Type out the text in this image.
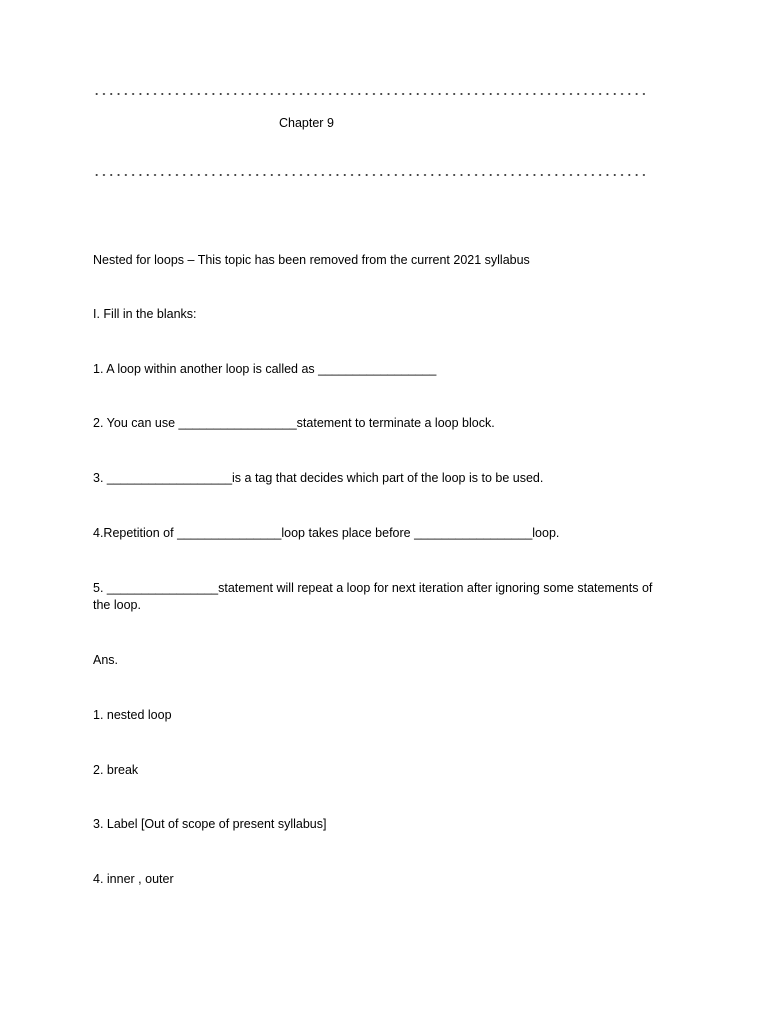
Chapter 9
Nested for loops – This topic has been removed from the current 2021 syllabus
I. Fill in the blanks:
1. A loop within another loop is called as _________________
2. You can use _________________statement to terminate a loop block.
3. __________________is a tag that decides which part of the loop is to be used.
4.Repetition of _______________loop takes place before _________________loop.
5. ________________statement will repeat a loop for next iteration after ignoring some statements of the loop.
Ans.
1. nested loop
2. break
3. Label [Out of scope of present syllabus]
4. inner , outer
